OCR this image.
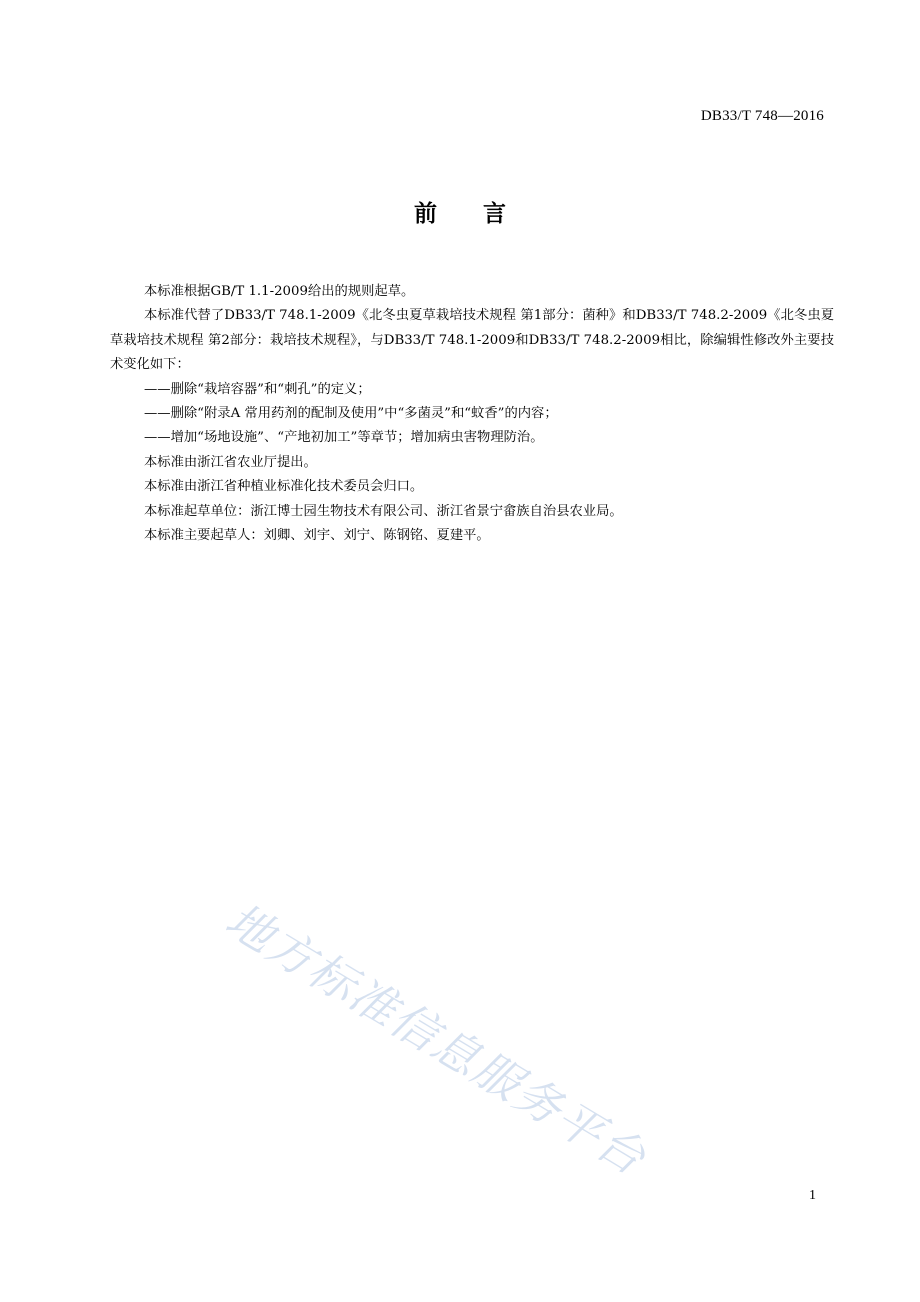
DB33/T 748—2016
前言

本标准根据GB/T 1.1-2009给出的规则起草。

本标准代替了DB33/T 748.1-2009《北冬虫夏草栽培技术规程 第1部分：菌种》和DB33/T 748.2-2009《北冬虫夏草栽培技术规程 第2部分：栽培技术规程》，与DB33/T 748.1-2009和DB33/T 748.2-2009相比，除编辑性修改外主要技术变化如下：

——删除“栽培容器”和“刺孔”的定义；

——删除“附录A 常用药剂的配制及使用”中“多菌灵”和“蚊香”的内容；

——增加“场地设施”、“产地初加工”等章节；增加病虫害物理防治。

本标准由浙江省农业厅提出。

本标准由浙江省种植业标准化技术委员会归口。

本标准起草单位：浙江博士园生物技术有限公司、浙江省景宁畲族自治县农业局。

本标准主要起草人：刘卿、刘宇、刘宁、陈钢铭、夏建平。

地方标准信息服务平台
1
